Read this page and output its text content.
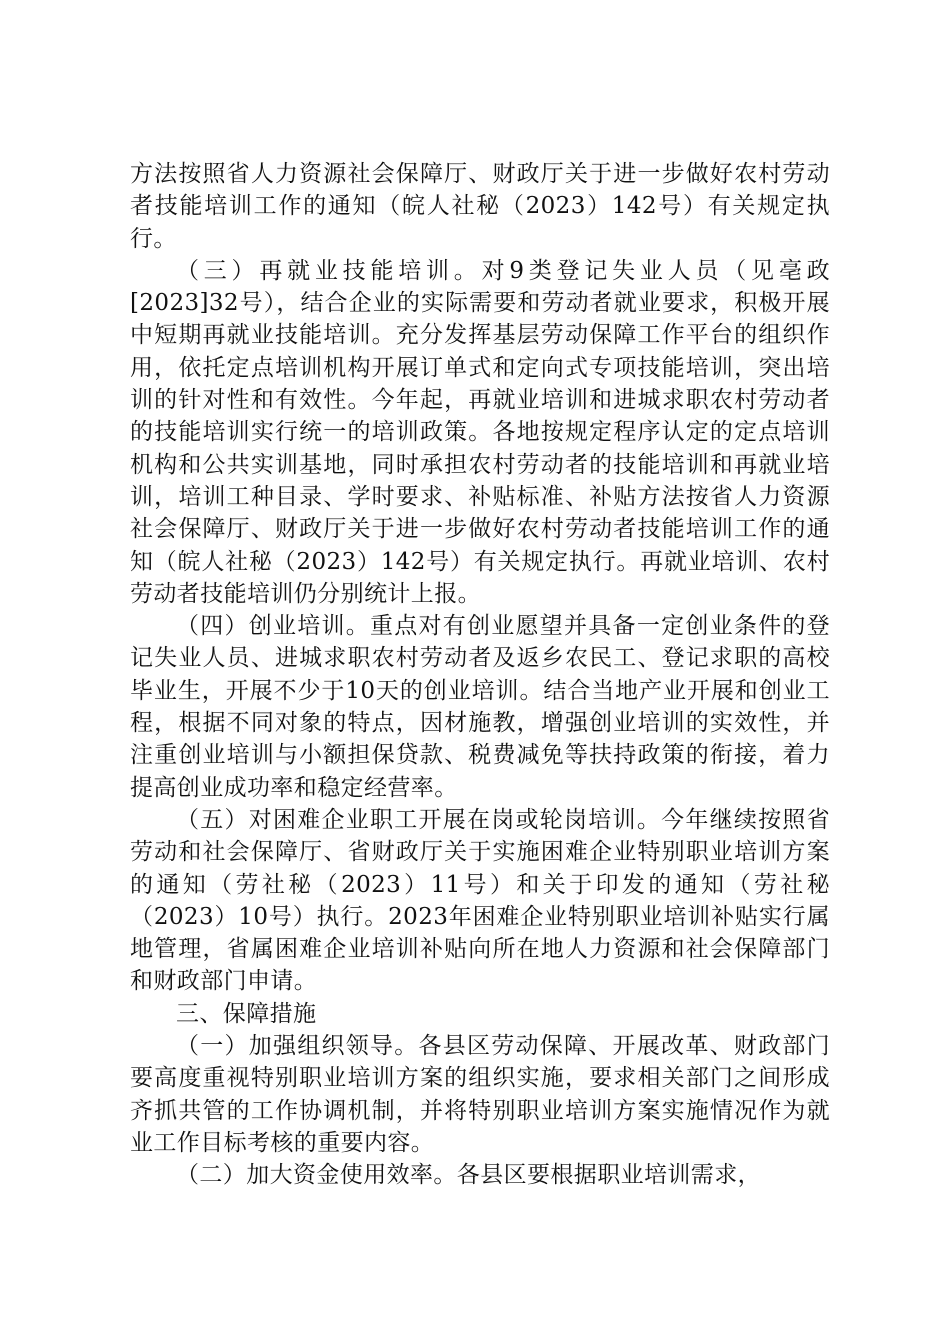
方法按照省人力资源社会保障厅、财政厅关于进一步做好农村劳动者技能培训工作的通知（皖人社秘（2023）142号）有关规定执行。

（三）再就业技能培训。对9类登记失业人员（见亳政[2023]32号），结合企业的实际需要和劳动者就业要求，积极开展中短期再就业技能培训。充分发挥基层劳动保障工作平台的组织作用，依托定点培训机构开展订单式和定向式专项技能培训，突出培训的针对性和有效性。今年起，再就业培训和进城求职农村劳动者的技能培训实行统一的培训政策。各地按规定程序认定的定点培训机构和公共实训基地，同时承担农村劳动者的技能培训和再就业培训，培训工种目录、学时要求、补贴标准、补贴方法按省人力资源社会保障厅、财政厅关于进一步做好农村劳动者技能培训工作的通知（皖人社秘（2023）142号）有关规定执行。再就业培训、农村劳动者技能培训仍分别统计上报。

（四）创业培训。重点对有创业愿望并具备一定创业条件的登记失业人员、进城求职农村劳动者及返乡农民工、登记求职的高校毕业生，开展不少于10天的创业培训。结合当地产业开展和创业工程，根据不同对象的特点，因材施教，增强创业培训的实效性，并注重创业培训与小额担保贷款、税费减免等扶持政策的衔接，着力提高创业成功率和稳定经营率。

（五）对困难企业职工开展在岗或轮岗培训。今年继续按照省劳动和社会保障厅、省财政厅关于实施困难企业特别职业培训方案的通知（劳社秘（2023）11号）和关于印发的通知（劳社秘（2023）10号）执行。2023年困难企业特别职业培训补贴实行属地管理，省属困难企业培训补贴向所在地人力资源和社会保障部门和财政部门申请。

三、保障措施

（一）加强组织领导。各县区劳动保障、开展改革、财政部门要高度重视特别职业培训方案的组织实施，要求相关部门之间形成齐抓共管的工作协调机制，并将特别职业培训方案实施情况作为就业工作目标考核的重要内容。

（二）加大资金使用效率。各县区要根据职业培训需求，
